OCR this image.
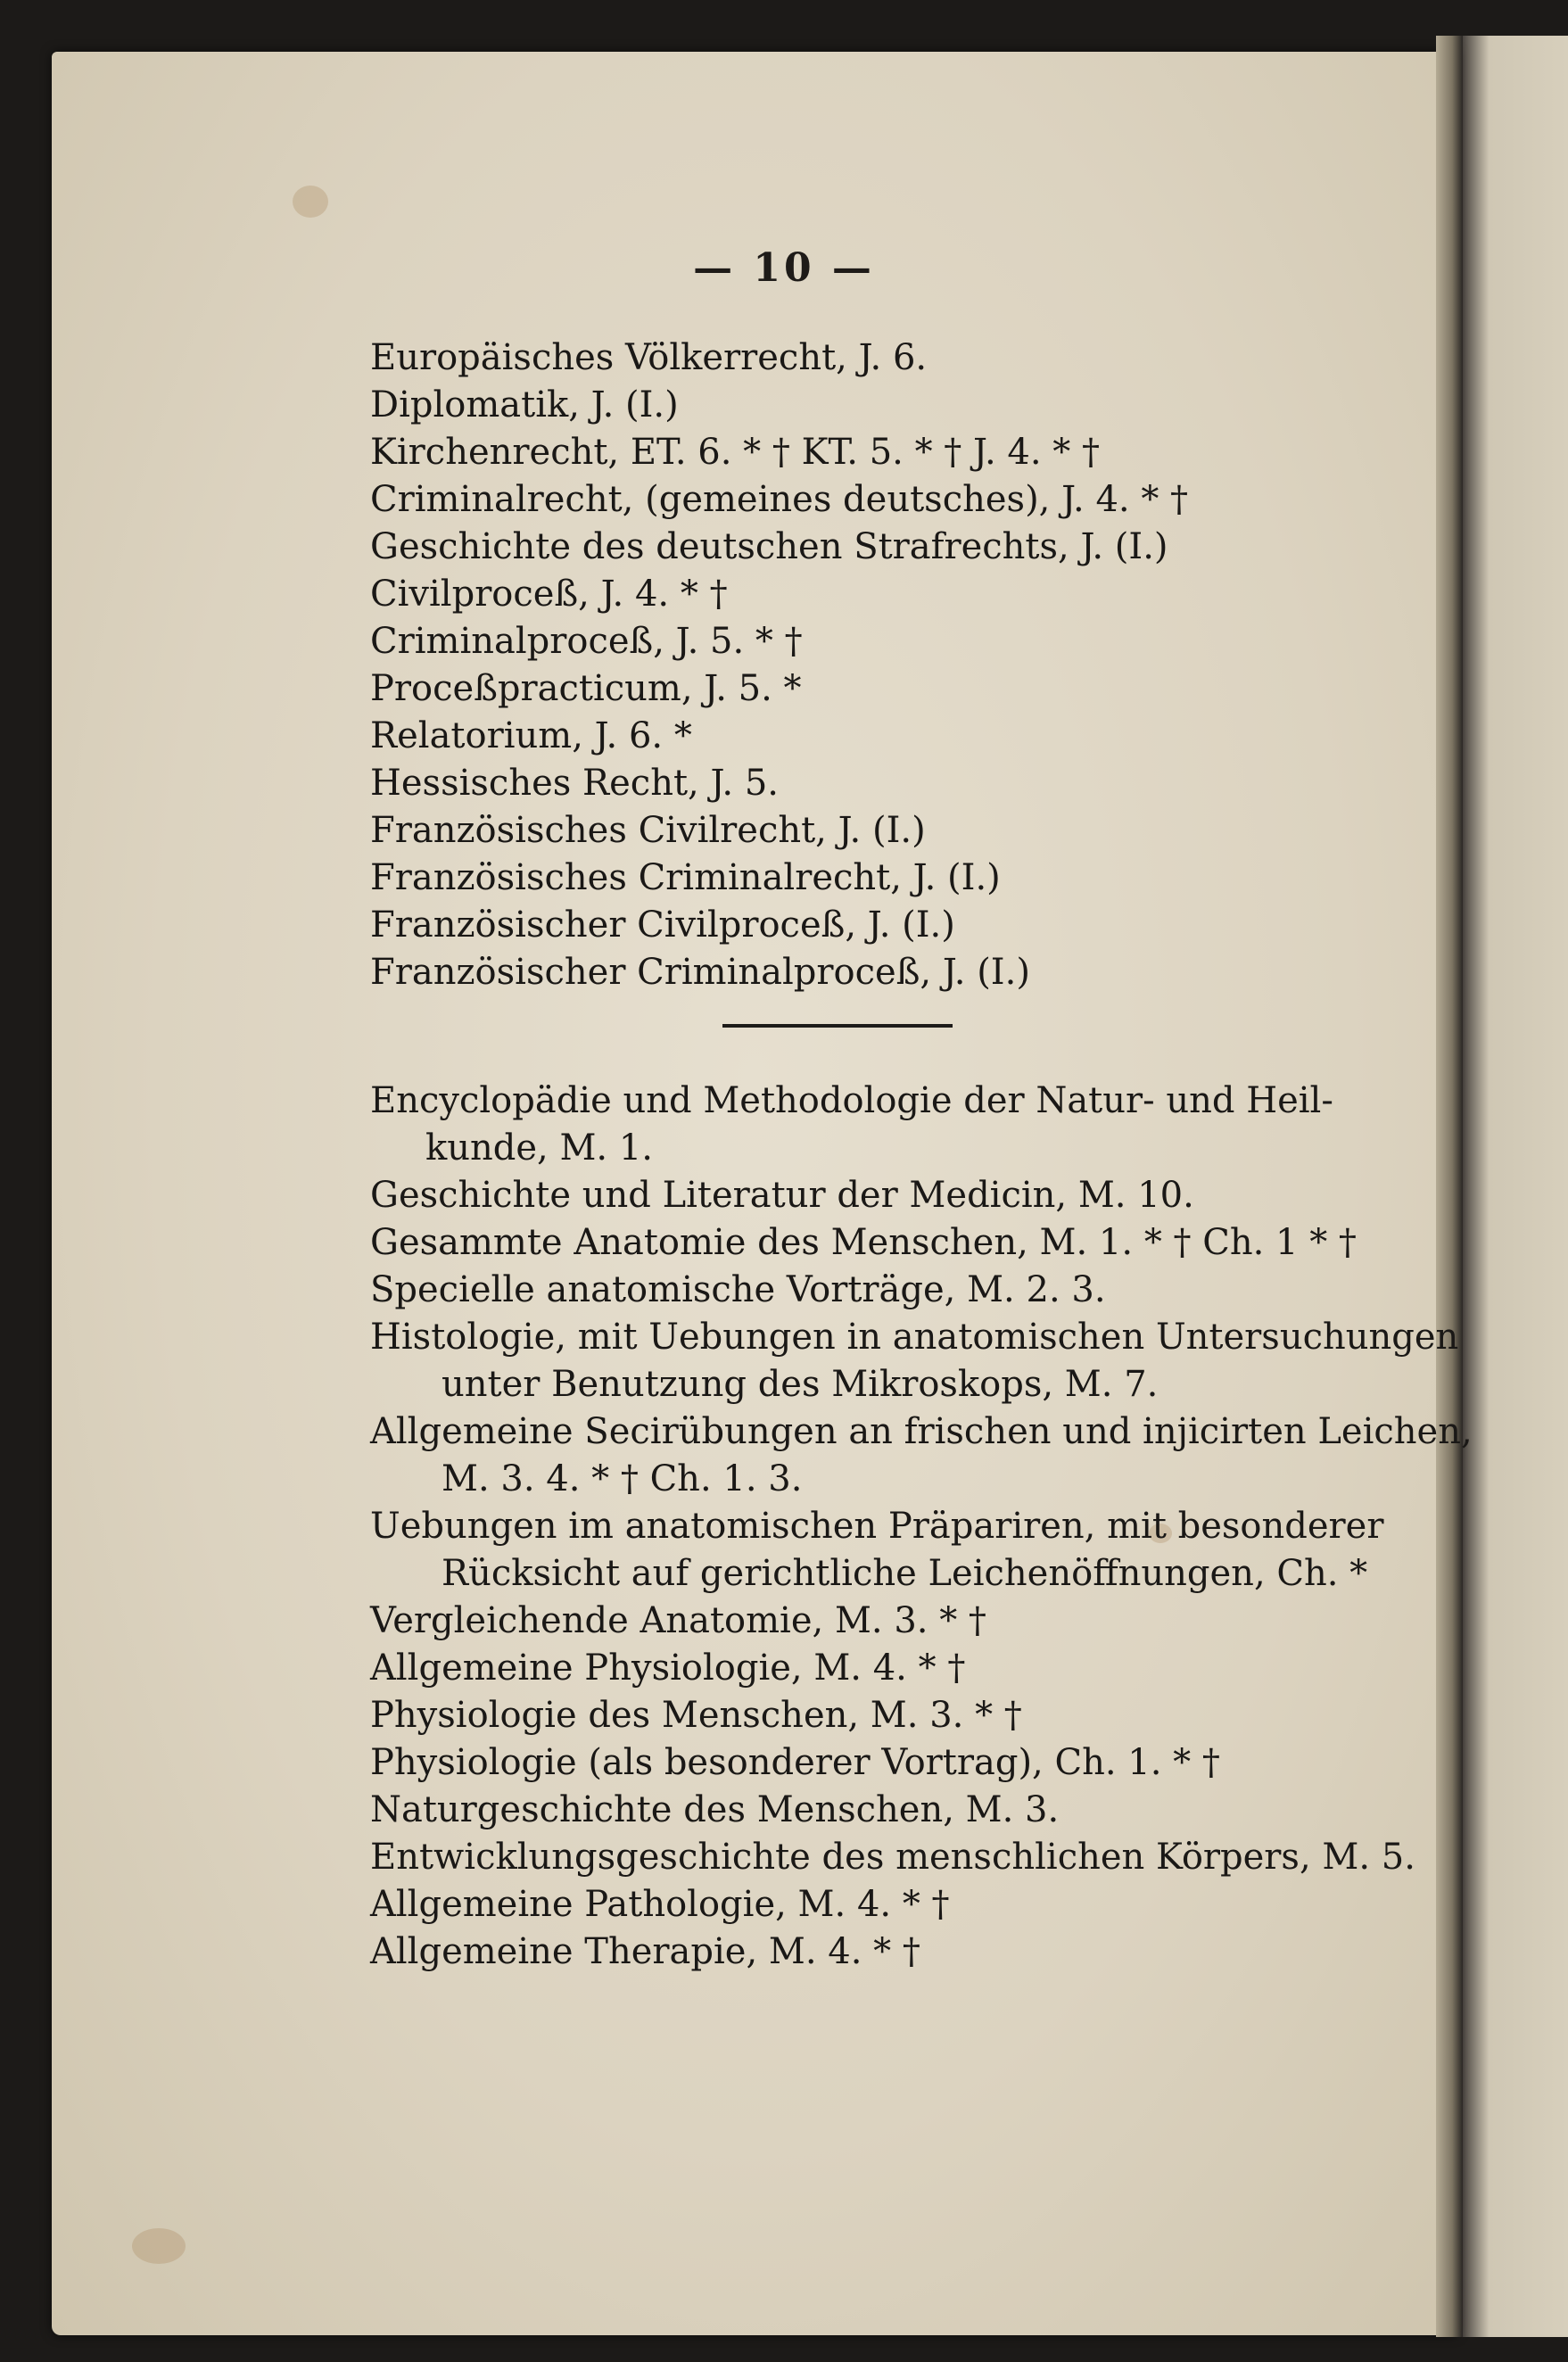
— 10 —
Europäisches Völkerrecht, J. 6.
Diplomatik, J. (I.)
Kirchenrecht, ET. 6. * † KT. 5. * † J. 4. * †
Criminalrecht, (gemeines deutsches), J. 4. * †
Geschichte des deutschen Strafrechts, J. (I.)
Civilproceß, J. 4. * †
Criminalproceß, J. 5. * †
Proceßpracticum, J. 5. *
Relatorium, J. 6. *
Hessisches Recht, J. 5.
Französisches Civilrecht, J. (I.)
Französisches Criminalrecht, J. (I.)
Französischer Civilproceß, J. (I.)
Französischer Criminalproceß, J. (I.)
Encyclopädie und Methodologie der Natur- und Heil-
kunde, M. 1.
Geschichte und Literatur der Medicin, M. 10.
Gesammte Anatomie des Menschen, M. 1. * † Ch. 1 * †
Specielle anatomische Vorträge, M. 2. 3.
Histologie, mit Uebungen in anatomischen Untersuchungen
unter Benutzung des Mikroskops, M. 7.
Allgemeine Secirübungen an frischen und injicirten Leichen,
M. 3. 4. * † Ch. 1. 3.
Uebungen im anatomischen Präpariren, mit besonderer
Rücksicht auf gerichtliche Leichenöffnungen, Ch. *
Vergleichende Anatomie, M. 3. * †
Allgemeine Physiologie, M. 4. * †
Physiologie des Menschen, M. 3. * †
Physiologie (als besonderer Vortrag), Ch. 1. * †
Naturgeschichte des Menschen, M. 3.
Entwicklungsgeschichte des menschlichen Körpers, M. 5.
Allgemeine Pathologie, M. 4. * †
Allgemeine Therapie, M. 4. * †
